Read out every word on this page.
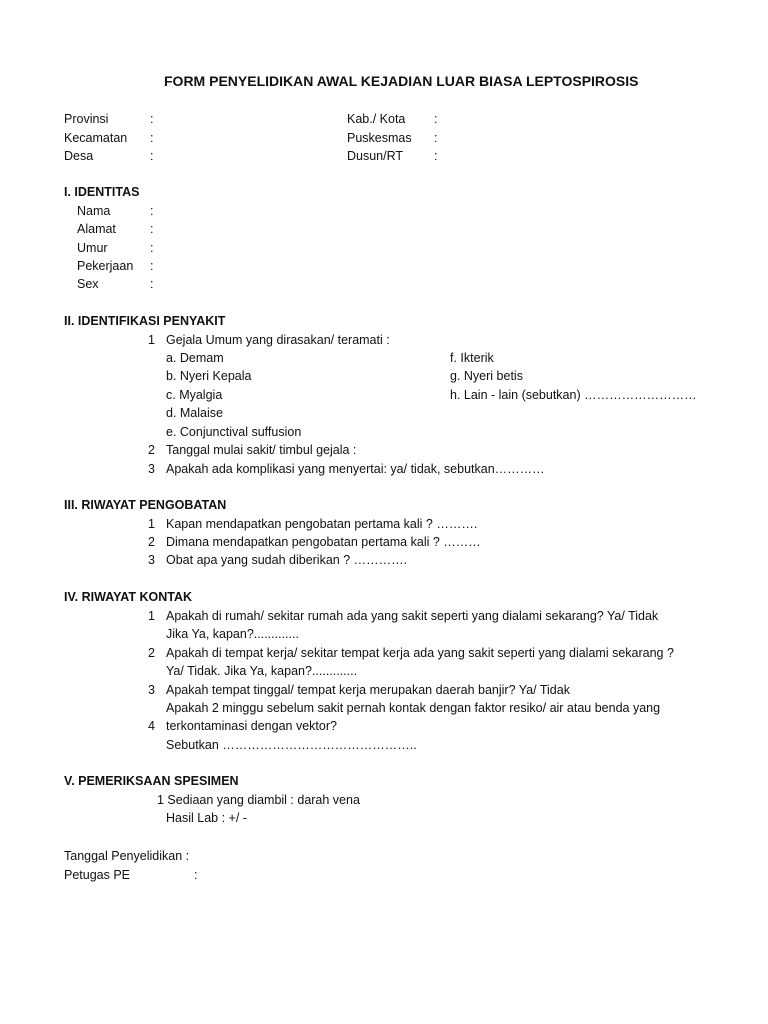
FORM PENYELIDIKAN AWAL KEJADIAN LUAR BIASA LEPTOSPIROSIS
Provinsi	:
Kecamatan :
Desa	:
Kab./ Kota :
Puskesmas :
Dusun/RT :
I. IDENTITAS
Nama	:
Alamat	:
Umur	:
Pekerjaan :
Sex	:
II. IDENTIFIKASI PENYAKIT
1 Gejala Umum yang dirasakan/ teramati :
a. Demam
b. Nyeri Kepala
c. Myalgia
d. Malaise
e. Conjunctival suffusion
f. Ikterik
g. Nyeri betis
h. Lain - lain (sebutkan) ………………………
2 Tanggal mulai sakit/ timbul gejala :
3 Apakah ada komplikasi yang menyertai: ya/ tidak, sebutkan…………
III. RIWAYAT PENGOBATAN
1 Kapan mendapatkan pengobatan pertama kali ? ……….
2 Dimana mendapatkan pengobatan pertama kali ? ………
3 Obat apa yang sudah diberikan ? ………….
IV. RIWAYAT KONTAK
1 Apakah di rumah/ sekitar rumah ada yang sakit seperti yang dialami sekarang? Ya/ Tidak
Jika Ya, kapan?.............
2 Apakah di tempat kerja/ sekitar tempat kerja ada yang sakit seperti yang dialami sekarang ?
Ya/ Tidak. Jika Ya, kapan?.............
3 Apakah tempat tinggal/ tempat kerja merupakan daerah banjir? Ya/ Tidak
Apakah 2 minggu sebelum sakit pernah kontak dengan faktor resiko/ air atau benda yang
4 terkontaminasi dengan vektor?
Sebutkan ………………………………………..
V. PEMERIKSAAN SPESIMEN
1 Sediaan yang diambil : darah vena
Hasil Lab : +/ -
Tanggal Penyelidikan :
Petugas PE	:
